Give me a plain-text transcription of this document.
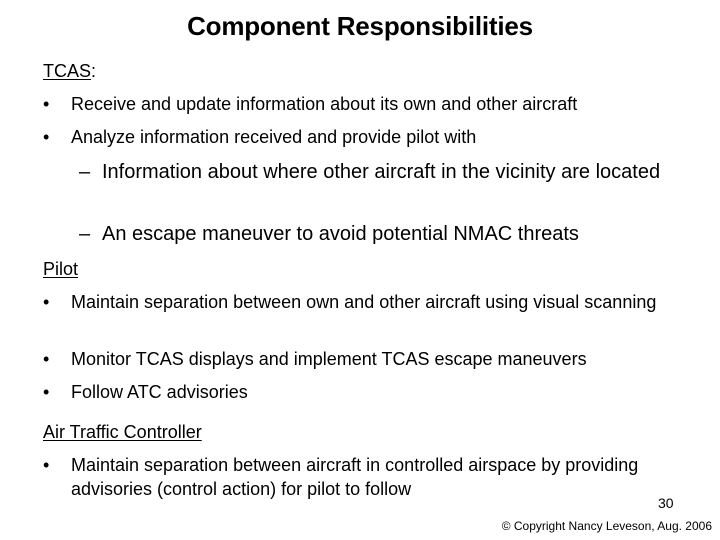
Component Responsibilities
TCAS:
•	Receive and update information about its own and other aircraft
•	Analyze information received and provide pilot with
– Information about where other aircraft in the vicinity are located
– An escape maneuver to avoid potential NMAC threats
Pilot
•	Maintain separation between own and other aircraft using visual scanning
•	Monitor TCAS displays and implement TCAS escape maneuvers
•	Follow ATC advisories
Air Traffic Controller
•	Maintain separation between aircraft in controlled airspace by providing advisories (control action) for pilot to follow
30
© Copyright Nancy Leveson, Aug. 2006
